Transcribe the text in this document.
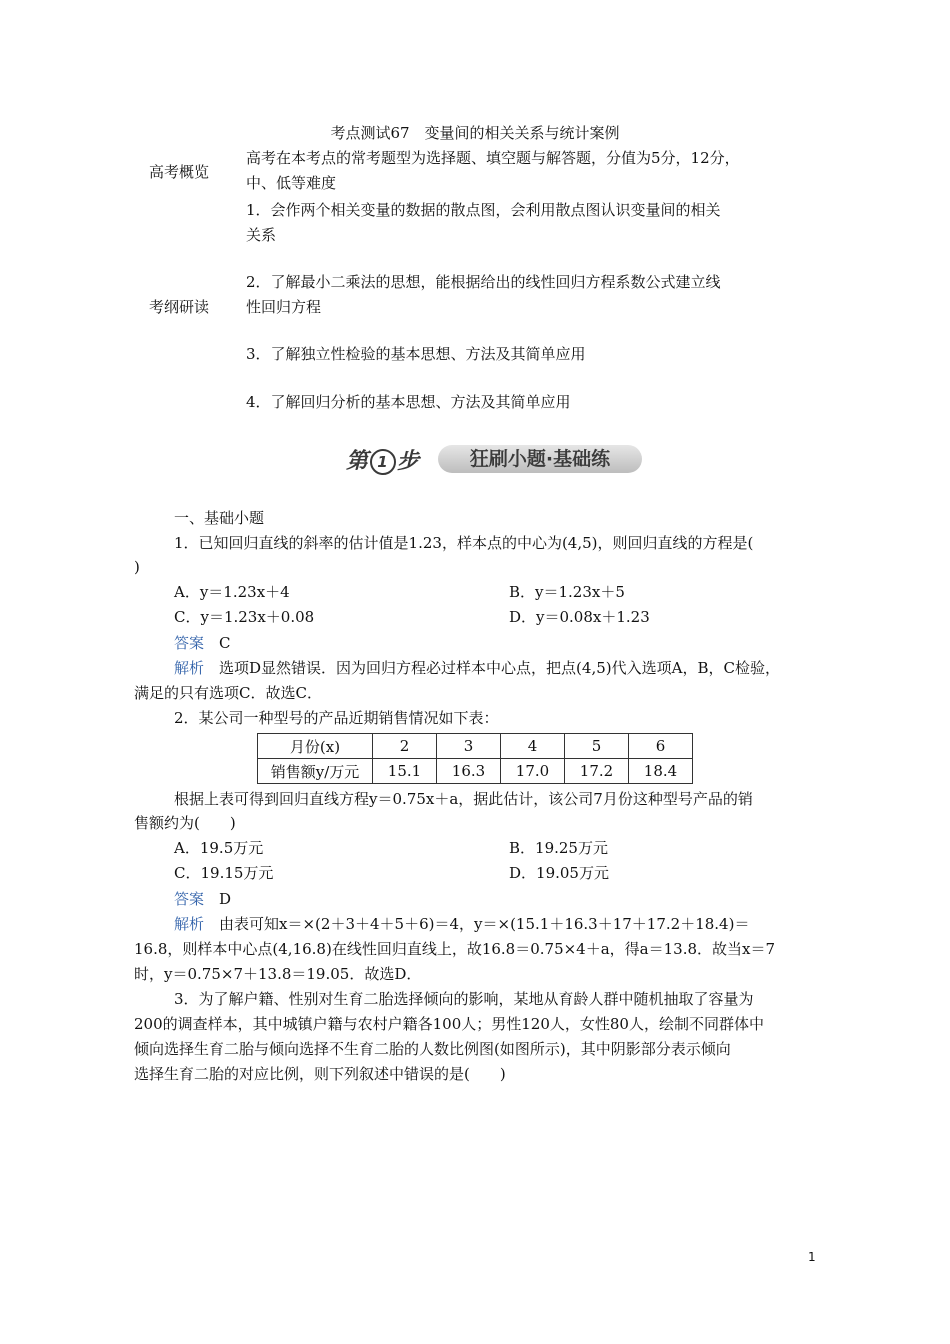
考点测试67　变量间的相关关系与统计案例
高考概览
高考在本考点的常考题型为选择题、填空题与解答题，分值为5分，12分，
中、低等难度
考纲研读
1．会作两个相关变量的数据的散点图，会利用散点图认识变量间的相关
关系
2．了解最小二乘法的思想，能根据给出的线性回归方程系数公式建立线
性回归方程
3．了解独立性检验的基本思想、方法及其简单应用
4．了解回归分析的基本思想、方法及其简单应用
第 1 步	狂刷小题·基础练
一、基础小题
1．已知回归直线的斜率的估计值是1.23，样本点的中心为(4,5)，则回归直线的方程是(
)
A．y＝1.23x＋4	B．y＝1.23x＋5
C．y＝1.23x＋0.08	D．y＝0.08x＋1.23
答案　 C
解析　 选项D显然错误．因为回归方程必过样本中心点，把点(4,5)代入选项A，B，C检验，
满足的只有选项C．故选C．
2．某公司一种型号的产品近期销售情况如下表：
月份(x)	2	3	4	5	6
销售额y/万元	15.1	16.3	17.0	17.2	18.4
根据上表可得到回归直线方程y＝0.75x＋a，据此估计，该公司7月份这种型号产品的销
售额约为(　　)
A．19.5万元	B．19.25万元
C．19.15万元	D．19.05万元
答案　 D
解析　 由表可知x＝×(2＋3＋4＋5＋6)＝4，y＝×(15.1＋16.3＋17＋17.2＋18.4)＝
16.8，则样本中心点(4,16.8)在线性回归直线上，故16.8＝0.75×4＋a，得a＝13.8．故当x＝7
时，y＝0.75×7＋13.8＝19.05．故选D．
3．为了解户籍、性别对生育二胎选择倾向的影响，某地从育龄人群中随机抽取了容量为
200的调查样本，其中城镇户籍与农村户籍各100人；男性120人，女性80人，绘制不同群体中
倾向选择生育二胎与倾向选择不生育二胎的人数比例图(如图所示)，其中阴影部分表示倾向
选择生育二胎的对应比例，则下列叙述中错误的是(　　)
1
